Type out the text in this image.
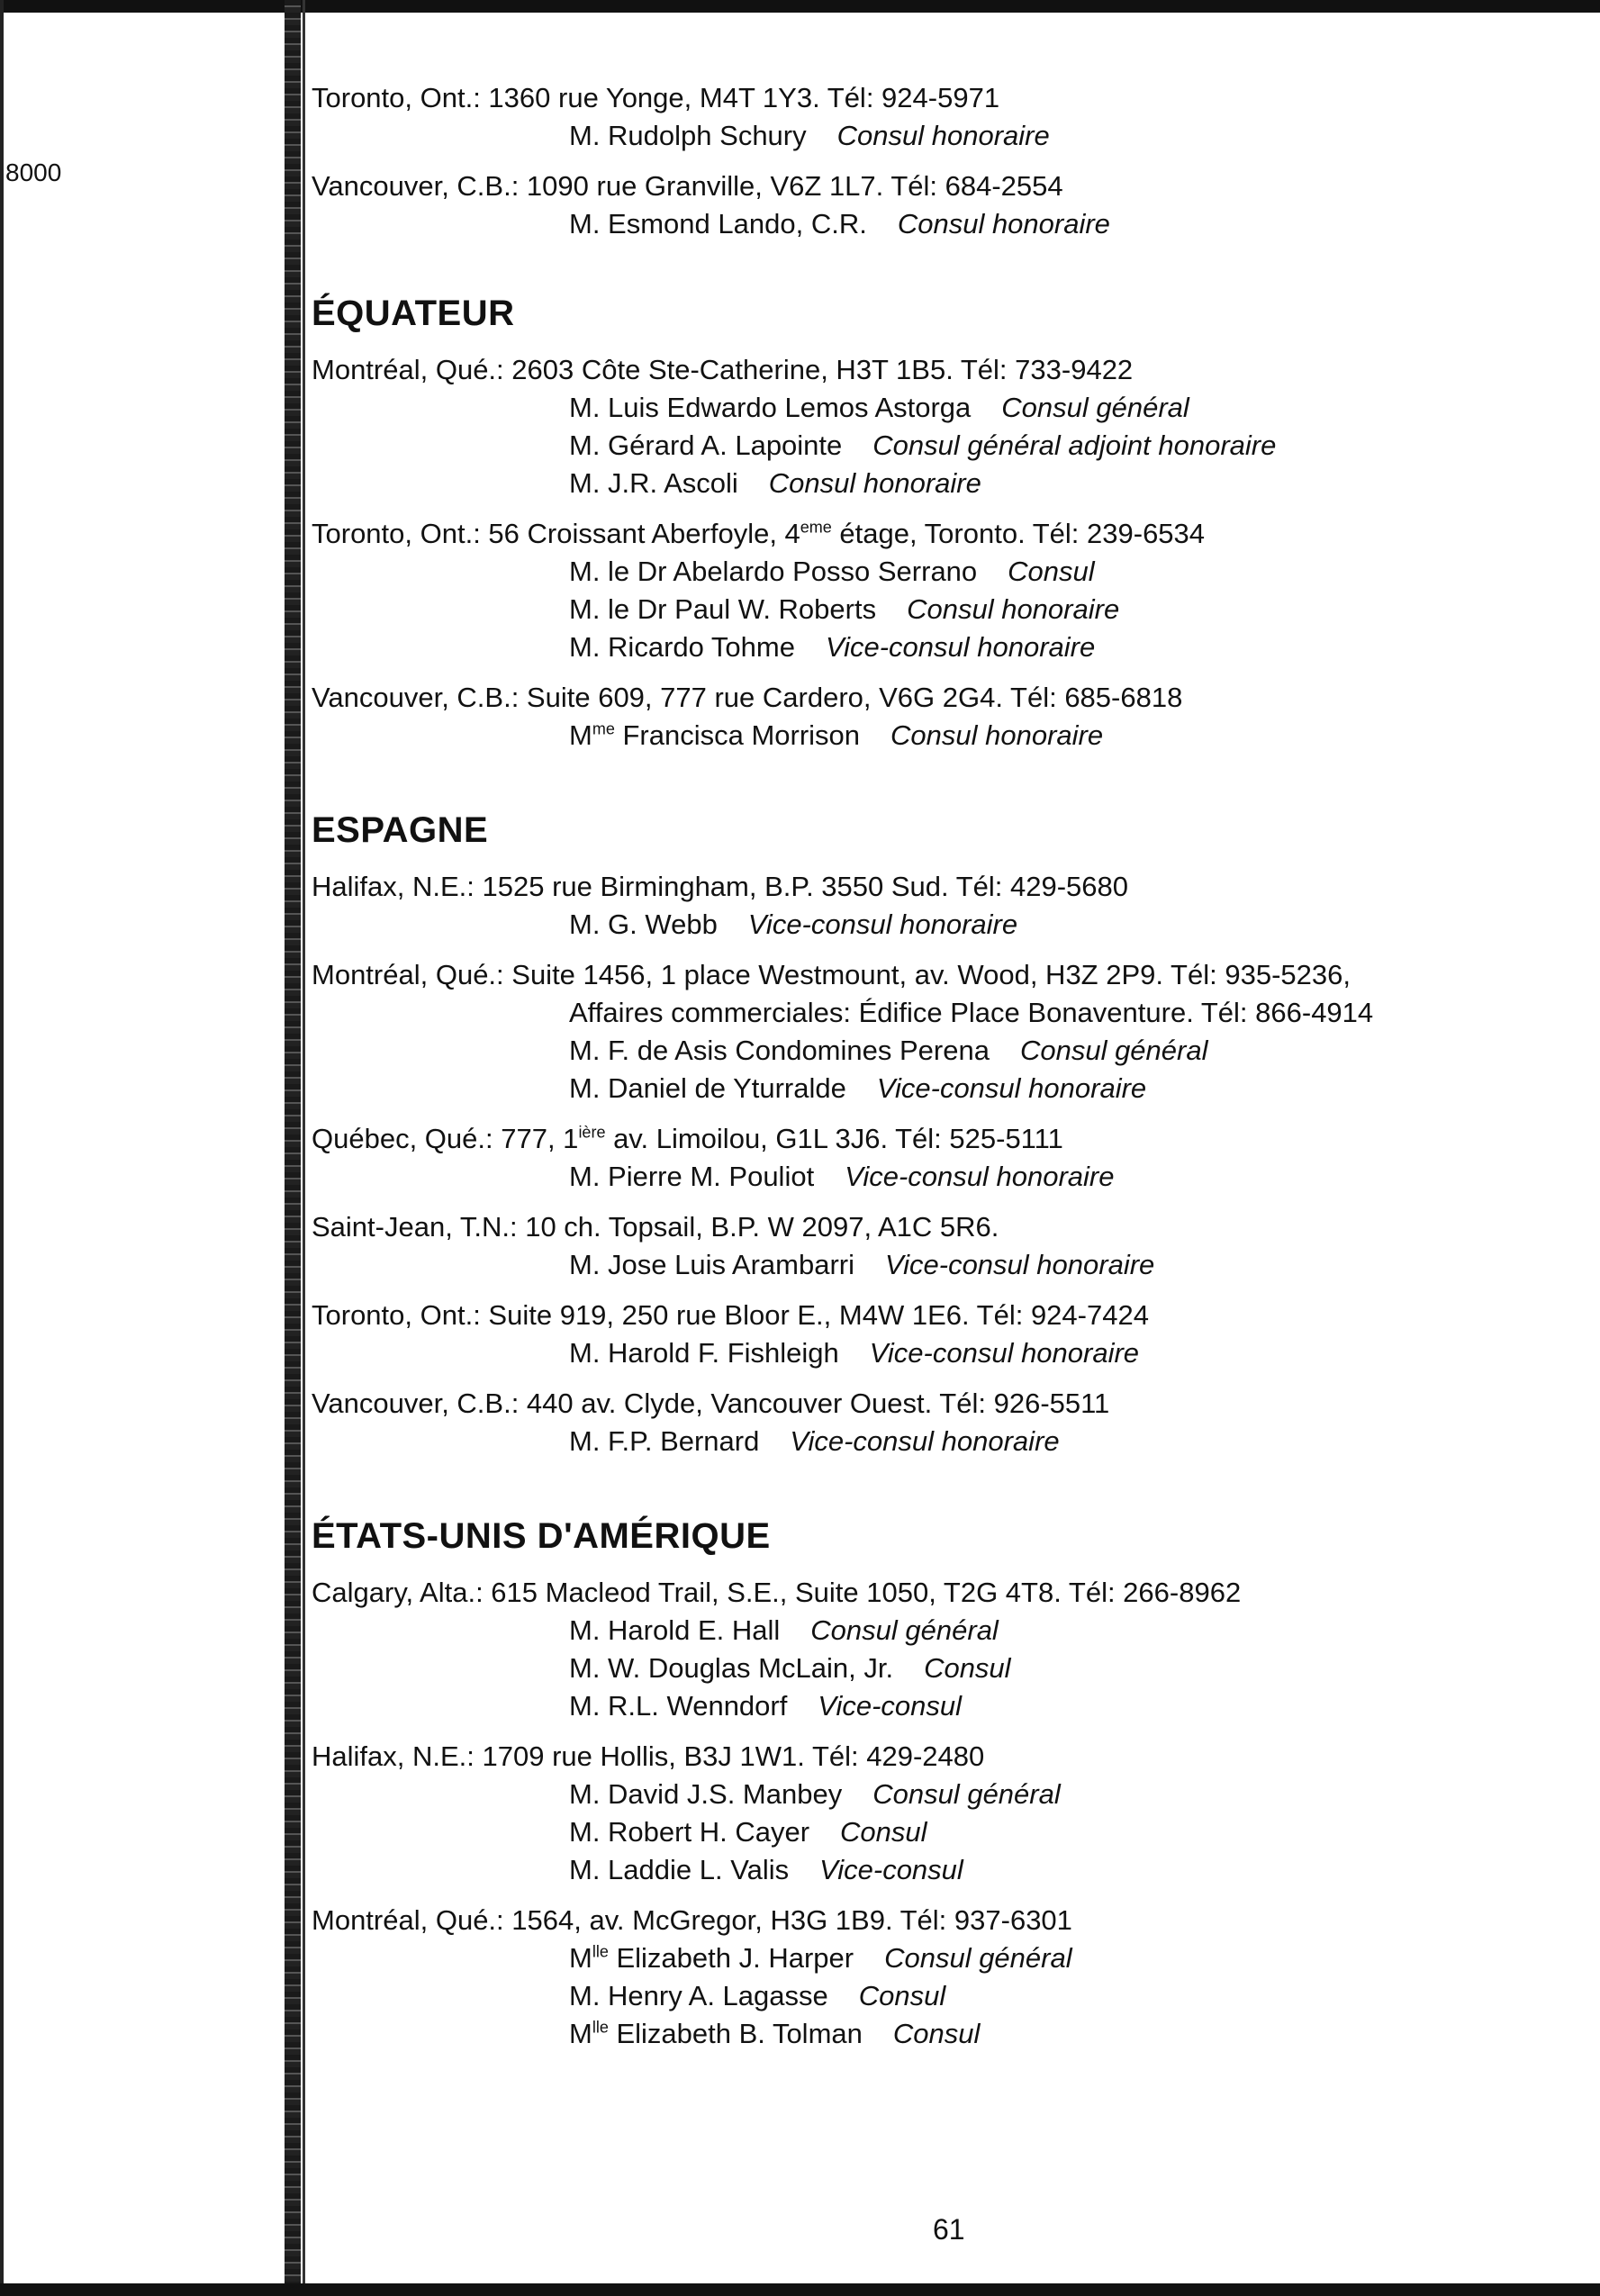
8000
Toronto, Ont.: 1360 rue Yonge, M4T 1Y3. Tél: 924-5971
M. Rudolph Schury Consul honoraire
Vancouver, C.B.: 1090 rue Granville, V6Z 1L7. Tél: 684-2554
M. Esmond Lando, C.R. Consul honoraire
ÉQUATEUR
Montréal, Qué.: 2603 Côte Ste-Catherine, H3T 1B5. Tél: 733-9422
M. Luis Edwardo Lemos Astorga Consul général
M. Gérard A. Lapointe Consul général adjoint honoraire
M. J.R. Ascoli Consul honoraire
Toronto, Ont.: 56 Croissant Aberfoyle, 4eme étage, Toronto. Tél: 239-6534
M. le Dr Abelardo Posso Serrano Consul
M. le Dr Paul W. Roberts Consul honoraire
M. Ricardo Tohme Vice-consul honoraire
Vancouver, C.B.: Suite 609, 777 rue Cardero, V6G 2G4. Tél: 685-6818
$M^{me}$ Francisca Morrison Consul honoraire
ESPAGNE
Halifax, N.E.: 1525 rue Birmingham, B.P. 3550 Sud. Tél: 429-5680
M. G. Webb Vice-consul honoraire
Montréal, Qué.: Suite 1456, 1 place Westmount, av. Wood, H3Z 2P9. Tél: 935-5236,
Affaires commerciales: Édifice Place Bonaventure. Tél: 866-4914
M. F. de Asis Condomines Perena Consul général
M. Daniel de Yturralde Vice-consul honoraire
Québec, Qué.: 777, $1^{ière}$ av. Limoilou, G1L 3J6. Tél: 525-5111
M. Pierre M. Pouliot Vice-consul honoraire
Saint-Jean, T.N.: 10 ch. Topsail, B.P. W 2097, A1C 5R6.
M. Jose Luis Arambarri Vice-consul honoraire
Toronto, Ont.: Suite 919, 250 rue Bloor E., M4W 1E6. Tél: 924-7424
M. Harold F. Fishleigh Vice-consul honoraire
Vancouver, C.B.: 440 av. Clyde, Vancouver Ouest. Tél: 926-5511
M. F.P. Bernard Vice-consul honoraire
ÉTATS-UNIS D'AMÉRIQUE
Calgary, Alta.: 615 Macleod Trail, S.E., Suite 1050, T2G 4T8. Tél: 266-8962
M. Harold E. Hall Consul général
M. W. Douglas McLain, Jr. Consul
M. R.L. Wenndorf Vice-consul
Halifax, N.E.: 1709 rue Hollis, B3J 1W1. Tél: 429-2480
M. David J.S. Manbey Consul général
M. Robert H. Cayer Consul
M. Laddie L. Valis Vice-consul
Montréal, Qué.: 1564, av. McGregor, H3G 1B9. Tél: 937-6301
$M^{lle}$ Elizabeth J. Harper Consul général
M. Henry A. Lagasse Consul
$M^{lle}$ Elizabeth B. Tolman Consul
61
